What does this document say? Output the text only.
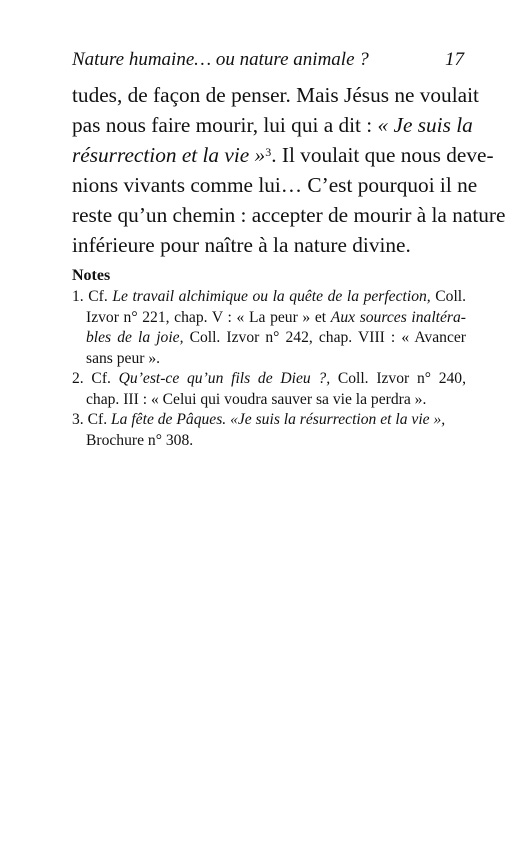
Nature humaine… ou nature animale ?	17
tudes, de façon de penser. Mais Jésus ne voulait
pas nous faire mourir, lui qui a dit : « Je suis la
résurrection et la vie »$^3$. Il voulait que nous deve-
nions vivants comme lui… C’est pourquoi il ne
reste qu’un chemin : accepter de mourir à la nature
inférieure pour naître à la nature divine.
Notes
1. Cf. Le travail alchimique ou la quête de la perfection, Coll.
Izvor n° 221, chap. V : « La peur » et Aux sources inaltéra-
bles de la joie, Coll. Izvor n° 242, chap. VIII : « Avancer
sans peur ».
2. Cf. Qu’est-ce qu’un fils de Dieu ?, Coll. Izvor n° 240,
chap. III : « Celui qui voudra sauver sa vie la perdra ».
3. Cf. La fête de Pâques. «Je suis la résurrection et la vie »,
Brochure n° 308.
